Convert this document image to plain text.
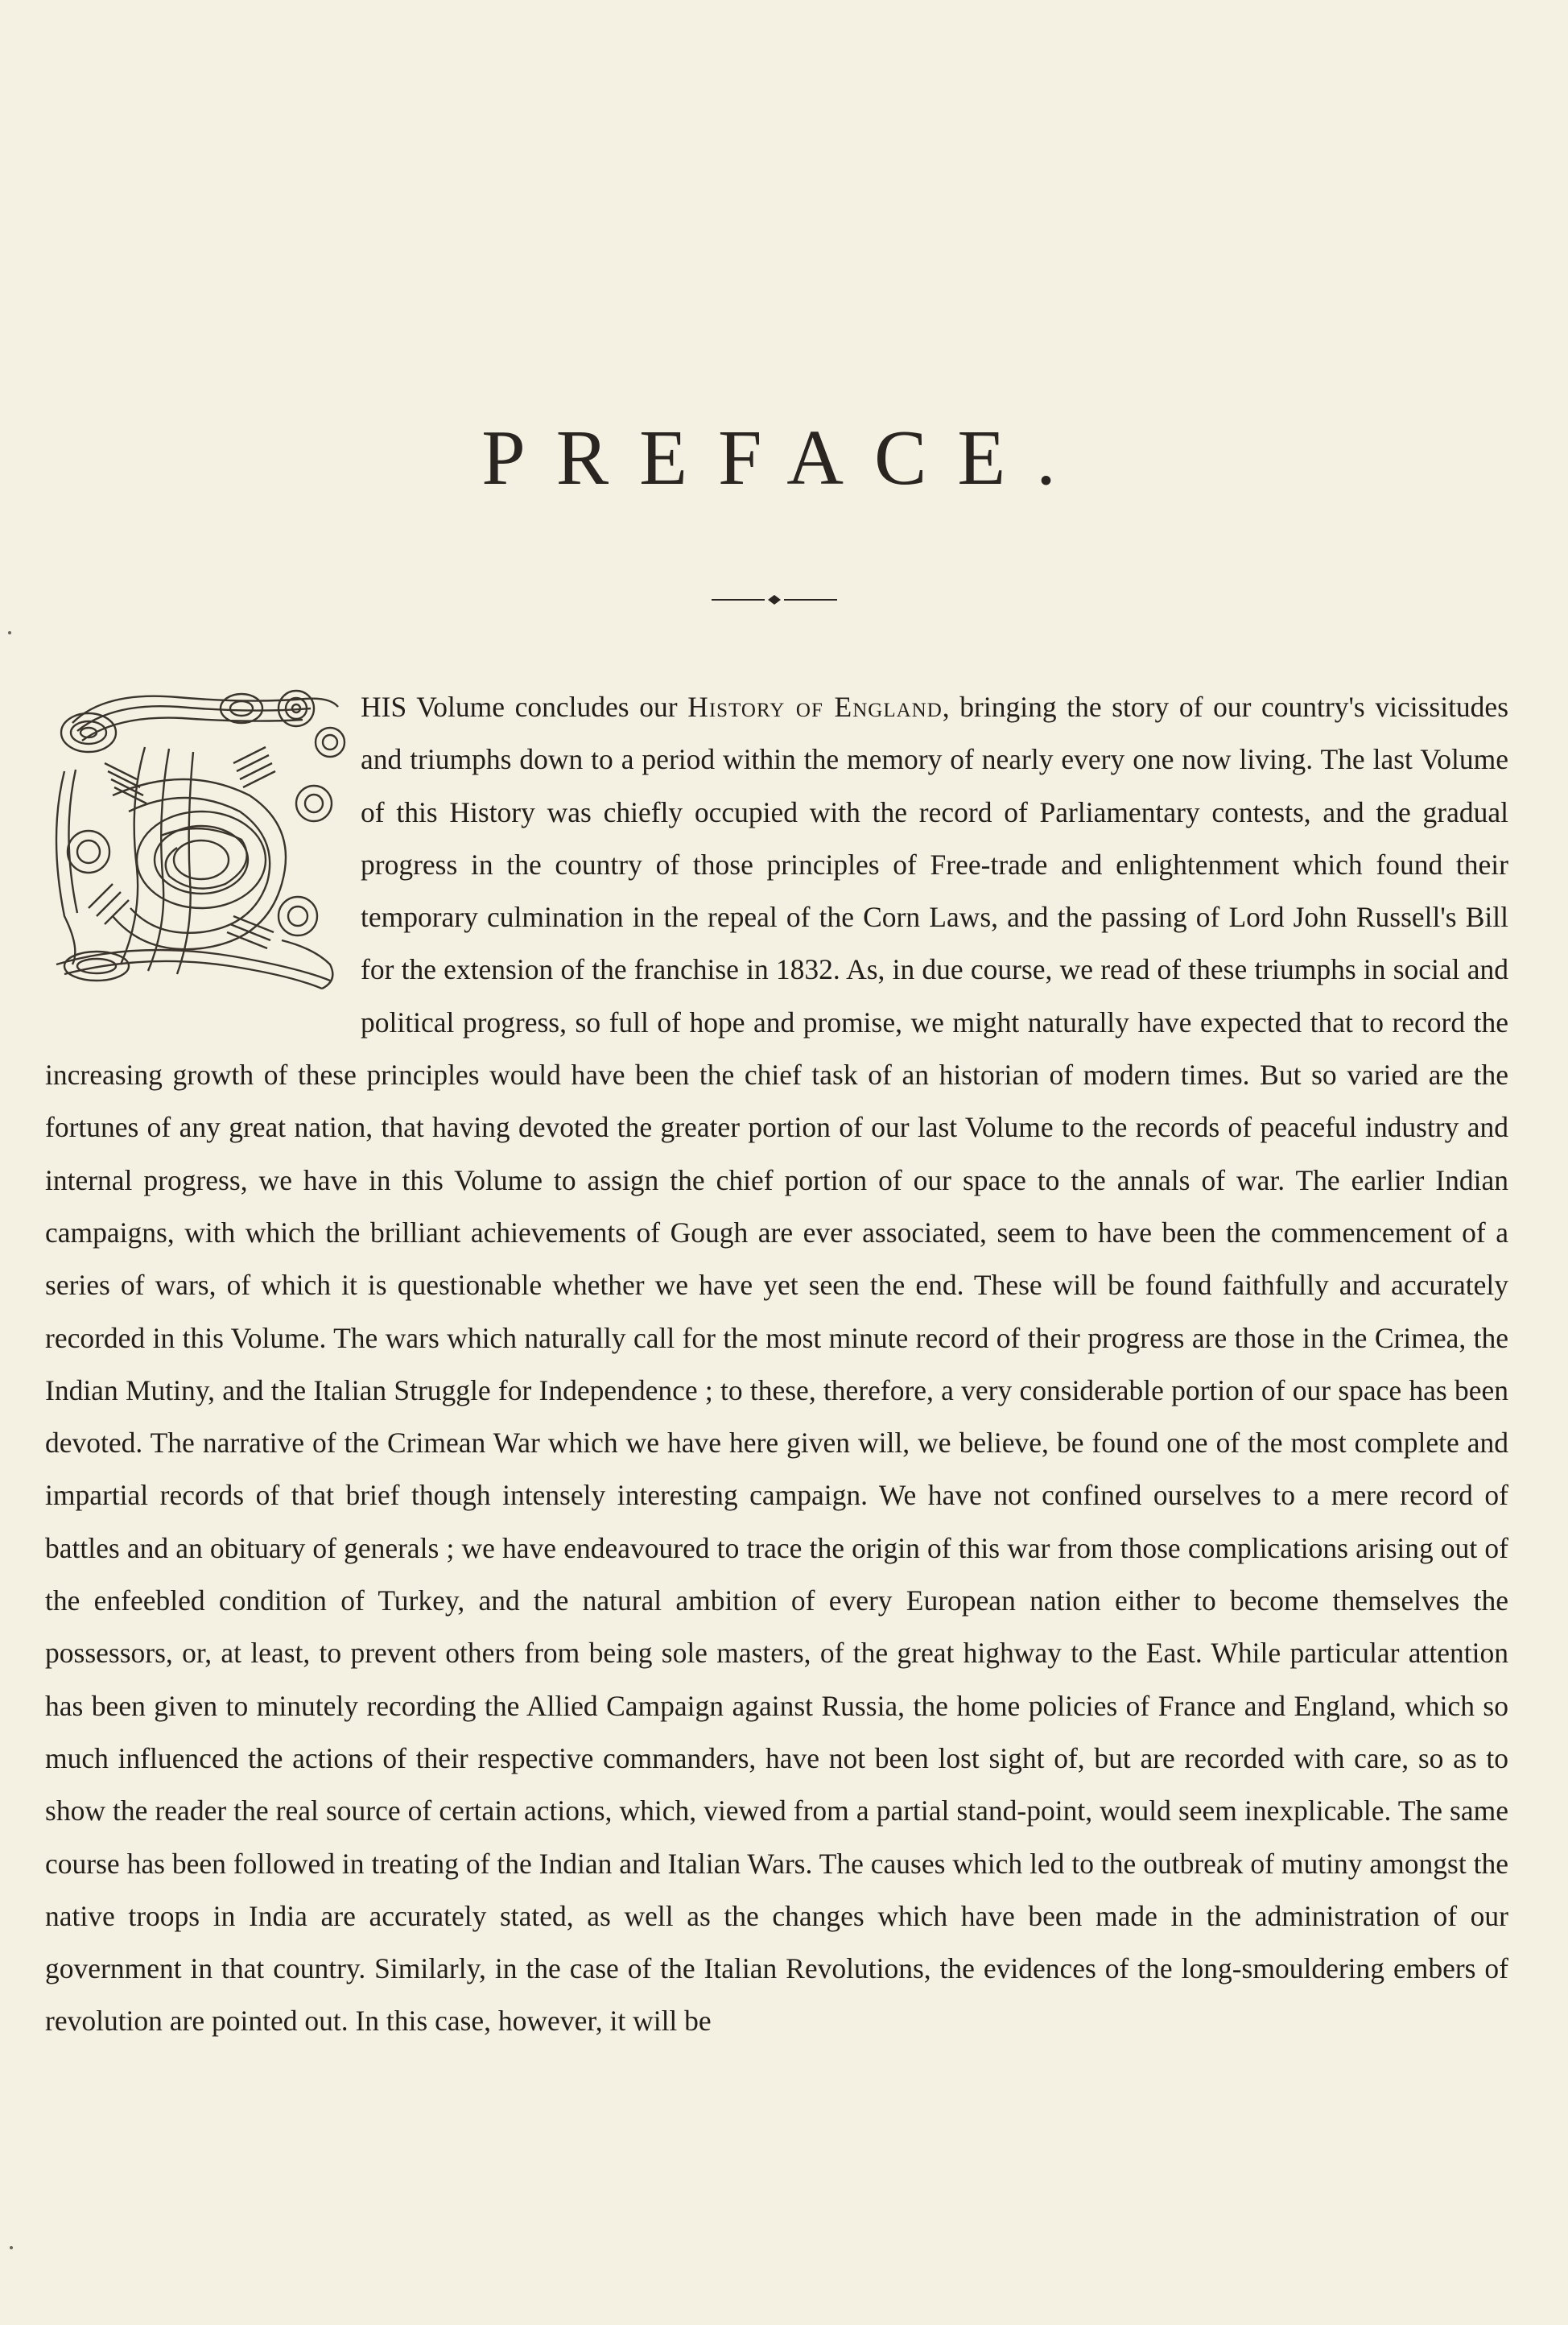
PREFACE.
HIS Volume concludes our History of England, bringing the story of our country's vicissitudes and triumphs down to a period within the memory of nearly every one now living. The last Volume of this History was chiefly occupied with the record of Parliamentary contests, and the gradual progress in the country of those principles of Free-trade and enlightenment which found their temporary culmination in the repeal of the Corn Laws, and the passing of Lord John Russell's Bill for the extension of the franchise in 1832. As, in due course, we read of these triumphs in social and political progress, so full of hope and promise, we might naturally have expected that to record the increasing growth of these principles would have been the chief task of an historian of modern times. But so varied are the fortunes of any great nation, that having devoted the greater portion of our last Volume to the records of peaceful industry and internal progress, we have in this Volume to assign the chief portion of our space to the annals of war. The earlier Indian campaigns, with which the brilliant achievements of Gough are ever associated, seem to have been the commencement of a series of wars, of which it is questionable whether we have yet seen the end. These will be found faithfully and accurately recorded in this Volume. The wars which naturally call for the most minute record of their progress are those in the Crimea, the Indian Mutiny, and the Italian Struggle for Independence ; to these, therefore, a very considerable portion of our space has been devoted. The narrative of the Crimean War which we have here given will, we believe, be found one of the most complete and impartial records of that brief though intensely interesting campaign. We have not confined ourselves to a mere record of battles and an obituary of generals ; we have endeavoured to trace the origin of this war from those complications arising out of the enfeebled condition of Turkey, and the natural ambition of every European nation either to become themselves the possessors, or, at least, to prevent others from being sole masters, of the great highway to the East. While particular attention has been given to minutely recording the Allied Campaign against Russia, the home policies of France and England, which so much influenced the actions of their respective commanders, have not been lost sight of, but are recorded with care, so as to show the reader the real source of certain actions, which, viewed from a partial stand-point, would seem inexplicable. The same course has been followed in treating of the Indian and Italian Wars. The causes which led to the outbreak of mutiny amongst the native troops in India are accurately stated, as well as the changes which have been made in the administration of our government in that country. Similarly, in the case of the Italian Revolutions, the evidences of the long-smouldering embers of revolution are pointed out. In this case, however, it will be
